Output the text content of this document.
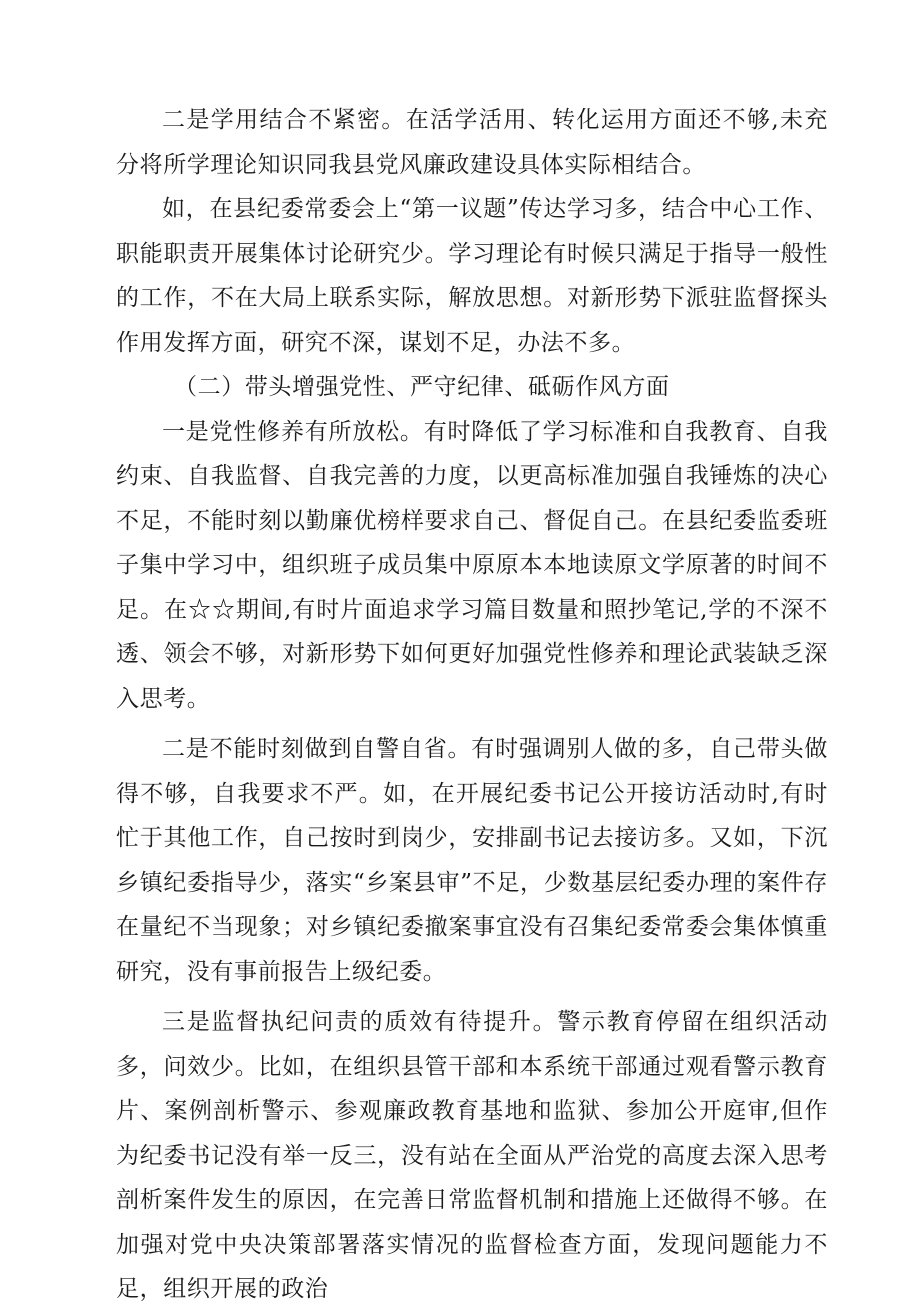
二是学用结合不紧密。在活学活用、转化运用方面还不够,未充分将所学理论知识同我县党风廉政建设具体实际相结合。

如，在县纪委常委会上“第一议题”传达学习多，结合中心工作、职能职责开展集体讨论研究少。学习理论有时候只满足于指导一般性的工作，不在大局上联系实际，解放思想。对新形势下派驻监督探头作用发挥方面，研究不深，谋划不足，办法不多。

（二）带头增强党性、严守纪律、砥砺作风方面

一是党性修养有所放松。有时降低了学习标准和自我教育、自我约束、自我监督、自我完善的力度，以更高标准加强自我锤炼的决心不足，不能时刻以勤廉优榜样要求自己、督促自己。在县纪委监委班子集中学习中，组织班子成员集中原原本本地读原文学原著的时间不足。在☆☆期间,有时片面追求学习篇目数量和照抄笔记,学的不深不透、领会不够，对新形势下如何更好加强党性修养和理论武装缺乏深入思考。

二是不能时刻做到自警自省。有时强调别人做的多，自己带头做得不够，自我要求不严。如，在开展纪委书记公开接访活动时,有时忙于其他工作，自己按时到岗少，安排副书记去接访多。又如，下沉乡镇纪委指导少，落实“乡案县审”不足，少数基层纪委办理的案件存在量纪不当现象；对乡镇纪委撤案事宜没有召集纪委常委会集体慎重研究，没有事前报告上级纪委。

三是监督执纪问责的质效有待提升。警示教育停留在组织活动多，问效少。比如，在组织县管干部和本系统干部通过观看警示教育片、案例剖析警示、参观廉政教育基地和监狱、参加公开庭审,但作为纪委书记没有举一反三，没有站在全面从严治党的高度去深入思考剖析案件发生的原因，在完善日常监督机制和措施上还做得不够。在加强对党中央决策部署落实情况的监督检查方面，发现问题能力不足，组织开展的政治
